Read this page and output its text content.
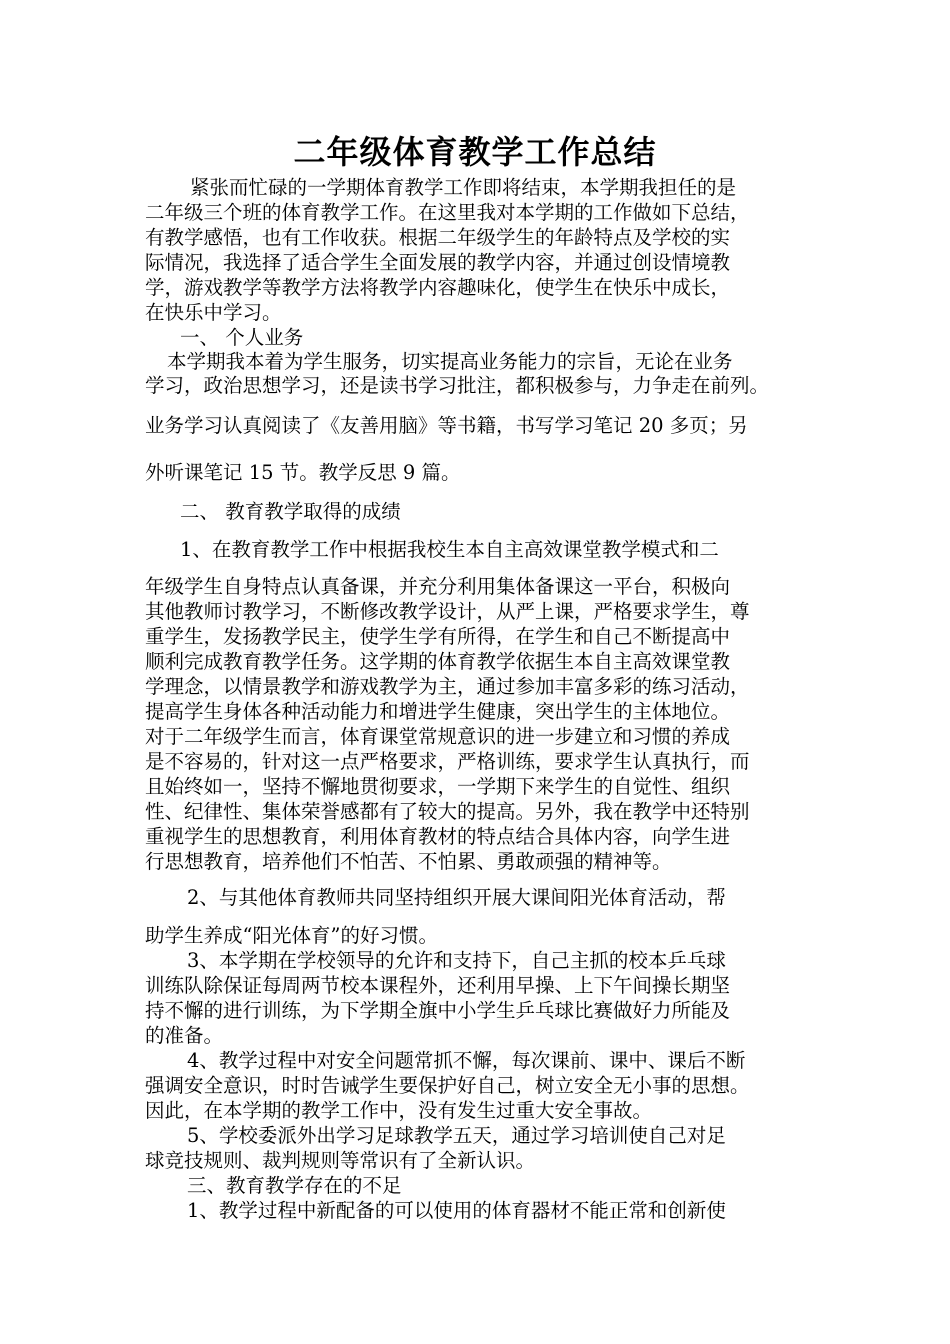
二年级体育教学工作总结
紧张而忙碌的一学期体育教学工作即将结束，本学期我担任的是
二年级三个班的体育教学工作。在这里我对本学期的工作做如下总结，
有教学感悟，也有工作收获。根据二年级学生的年龄特点及学校的实
际情况，我选择了适合学生全面发展的教学内容，并通过创设情境教
学，游戏教学等教学方法将教学内容趣味化，使学生在快乐中成长，
在快乐中学习。
一、 个人业务
本学期我本着为学生服务，切实提高业务能力的宗旨，无论在业务
学习，政治思想学习，还是读书学习批注，都积极参与，力争走在前列。
业务学习认真阅读了《友善用脑》等书籍，书写学习笔记 20 多页；另
外听课笔记 15 节。教学反思 9 篇。
二、 教育教学取得的成绩
1、在教育教学工作中根据我校生本自主高效课堂教学模式和二
年级学生自身特点认真备课，并充分利用集体备课这一平台，积极向
其他教师讨教学习，不断修改教学设计，从严上课，严格要求学生，尊
重学生，发扬教学民主，使学生学有所得，在学生和自己不断提高中
顺利完成教育教学任务。这学期的体育教学依据生本自主高效课堂教
学理念，以情景教学和游戏教学为主，通过参加丰富多彩的练习活动，
提高学生身体各种活动能力和增进学生健康，突出学生的主体地位。
对于二年级学生而言，体育课堂常规意识的进一步建立和习惯的养成
是不容易的，针对这一点严格要求，严格训练，要求学生认真执行，而
且始终如一，坚持不懈地贯彻要求，一学期下来学生的自觉性、组织
性、纪律性、集体荣誉感都有了较大的提高。另外，我在教学中还特别
重视学生的思想教育，利用体育教材的特点结合具体内容，向学生进
行思想教育，培养他们不怕苦、不怕累、勇敢顽强的精神等。
2、与其他体育教师共同坚持组织开展大课间阳光体育活动，帮
助学生养成“阳光体育”的好习惯。
3、本学期在学校领导的允许和支持下，自己主抓的校本乒乓球
训练队除保证每周两节校本课程外，还利用早操、上下午间操长期坚
持不懈的进行训练，为下学期全旗中小学生乒乓球比赛做好力所能及
的准备。
4、教学过程中对安全问题常抓不懈，每次课前、课中、课后不断
强调安全意识，时时告诫学生要保护好自己，树立安全无小事的思想。
因此，在本学期的教学工作中，没有发生过重大安全事故。
5、学校委派外出学习足球教学五天，通过学习培训使自己对足
球竞技规则、裁判规则等常识有了全新认识。
三、教育教学存在的不足
1、教学过程中新配备的可以使用的体育器材不能正常和创新使
